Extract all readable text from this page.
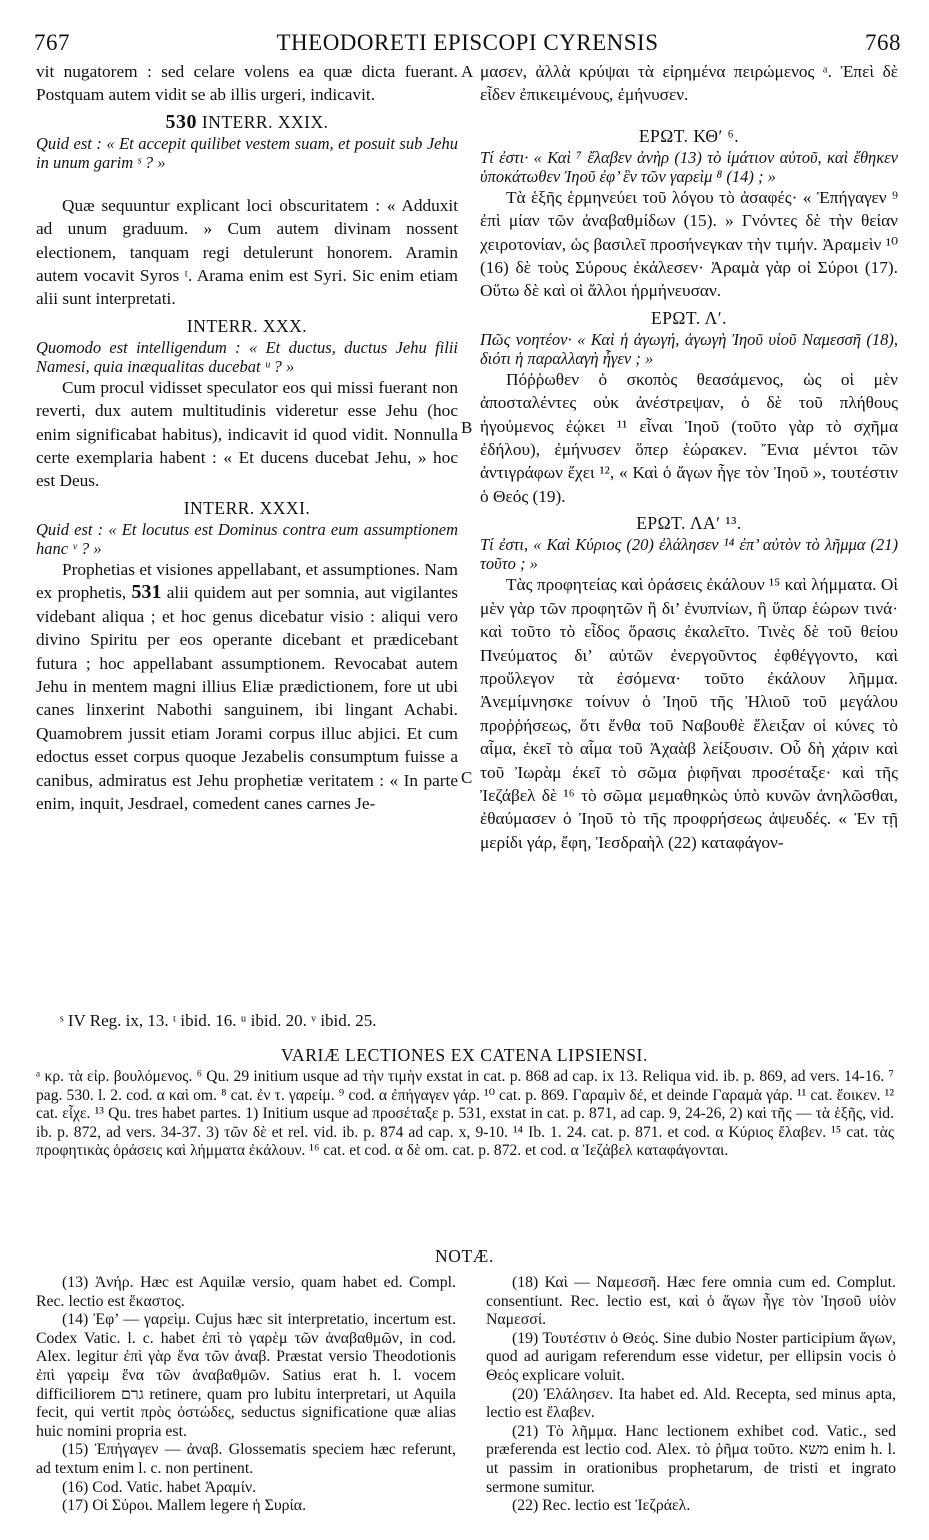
767	THEODORETI EPISCOPI CYRENSIS	768
A
B
C

vit nugatorem : sed celare volens ea quæ dicta fuerant. Postquam autem vidit se ab illis urgeri, indicavit.

530 INTERR. XXIX.

Quid est : « Et accepit quilibet vestem suam, et posuit sub Jehu in unum garim ˢ ? »

Quæ sequuntur explicant loci obscuritatem : « Adduxit ad unum graduum. » Cum autem divinam nossent electionem, tanquam regi detulerunt honorem. Aramin autem vocavit Syros ᵗ. Arama enim est Syri. Sic enim etiam alii sunt interpretati.

INTERR. XXX.

Quomodo est intelligendum : « Et ductus, ductus Jehu filii Namesi, quia inæqualitas ducebat ᵘ ? »

Cum procul vidisset speculator eos qui missi fuerant non reverti, dux autem multitudinis videretur esse Jehu (hoc enim significabat habitus), indicavit id quod vidit. Nonnulla certe exemplaria habent : « Et ducens ducebat Jehu, » hoc est Deus.

INTERR. XXXI.

Quid est : « Et locutus est Dominus contra eum assumptionem hanc ᵛ ? »

Prophetias et visiones appellabant, et assumptiones. Nam ex prophetis, 531 alii quidem aut per somnia, aut vigilantes videbant aliqua ; et hoc genus dicebatur visio : aliqui vero divino Spiritu per eos operante dicebant et prædicebant futura ; hoc appellabant assumptionem. Revocabat autem Jehu in mentem magni illius Eliæ prædictionem, fore ut ubi canes linxerint Nabothi sanguinem, ibi lingant Achabi. Quamobrem jussit etiam Jorami corpus illuc abjici. Et cum edoctus esset corpus quoque Jezabelis consumptum fuisse a canibus, admiratus est Jehu prophetiæ veritatem : « In parte enim, inquit, Jesdrael, comedent canes carnes Je-

μασεν, ἀλλὰ κρύψαι τὰ εἰρημένα πειρώμενος ᵃ. Ἐπεὶ δὲ εἶδεν ἐπικειμένους, ἐμήνυσεν.

ΕΡΩΤ. ΚΘʹ ⁶.

Τί ἐστι· « Καὶ ⁷ ἔλαβεν ἀνὴρ (13) τὸ ἱμάτιον αὐτοῦ, καὶ ἔθηκεν ὑποκάτωθεν Ἰηοῦ ἐφ’ ἓν τῶν γαρεὶμ ⁸ (14) ; »

Τὰ ἑξῆς ἑρμηνεύει τοῦ λόγου τὸ ἀσαφές· « Ἐπήγαγεν ⁹ ἐπὶ μίαν τῶν ἀναβαθμίδων (15). » Γνόντες δὲ τὴν θείαν χειροτονίαν, ὡς βασιλεῖ προσήνεγκαν τὴν τιμήν. Ἀραμεὶν ¹⁰ (16) δὲ τοὺς Σύρους ἐκάλεσεν· Ἀραμὰ γὰρ οἱ Σύροι (17). Οὕτω δὲ καὶ οἱ ἄλλοι ἡρμήνευσαν.

ΕΡΩΤ. Λʹ.

Πῶς νοητέον· « Καὶ ἡ ἀγωγή, ἀγωγὴ Ἰηοῦ υἱοῦ Ναμεσσῆ (18), διότι ἡ παραλλαγὴ ἦγεν ; »

Πόῤῥωθεν ὁ σκοπὸς θεασάμενος, ὡς οἱ μὲν ἀποσταλέντες οὐκ ἀνέστρεψαν, ὁ δὲ τοῦ πλήθους ἡγούμενος ἐῴκει ¹¹ εἶναι Ἰηοῦ (τοῦτο γὰρ τὸ σχῆμα ἐδήλου), ἐμήνυσεν ὅπερ ἑώρακεν. Ἔνια μέντοι τῶν ἀντιγράφων ἔχει ¹², « Καὶ ὁ ἄγων ἦγε τὸν Ἰηοῦ », τουτέστιν ὁ Θεός (19).

ΕΡΩΤ. ΛΑʹ ¹³.

Τί ἐστι, « Καὶ Κύριος (20) ἐλάλησεν ¹⁴ ἐπ’ αὐτὸν τὸ λῆμμα (21) τοῦτο ; »

Τὰς προφητείας καὶ ὁράσεις ἐκάλουν ¹⁵ καὶ λήμματα. Οἱ μὲν γὰρ τῶν προφητῶν ἢ δι’ ἐνυπνίων, ἢ ὕπαρ ἑώρων τινά· καὶ τοῦτο τὸ εἶδος ὅρασις ἐκαλεῖτο. Τινὲς δὲ τοῦ θείου Πνεύματος δι’ αὐτῶν ἐνεργοῦντος ἐφθέγγοντο, καὶ προὔλεγον τὰ ἐσόμενα· τοῦτο ἐκάλουν λῆμμα. Ἀνεμίμνησκε τοίνυν ὁ Ἰηοῦ τῆς Ἠλιοῦ τοῦ μεγάλου προῤῥήσεως, ὅτι ἔνθα τοῦ Ναβουθὲ ἔλειξαν οἱ κύνες τὸ αἷμα, ἐκεῖ τὸ αἷμα τοῦ Ἀχαὰβ λείξουσιν. Οὗ δὴ χάριν καὶ τοῦ Ἰωρὰμ ἐκεῖ τὸ σῶμα ῥιφῆναι προσέταξε· καὶ τῆς Ἰεζάβελ δὲ ¹⁶ τὸ σῶμα μεμαθηκὼς ὑπὸ κυνῶν ἀνηλῶσθαι, ἐθαύμασεν ὁ Ἰηοῦ τὸ τῆς προφρήσεως ἀψευδές. « Ἐν τῇ μερίδι γάρ, ἔφη, Ἰεσδραὴλ (22) καταφάγον-

ˢ IV Reg. ix, 13. ᵗ ibid. 16. ᵘ ibid. 20. ᵛ ibid. 25.
VARIÆ LECTIONES EX CATENA LIPSIENSI.

ᵃ κρ. τὰ εἰρ. βουλόμενος. ⁶ Qu. 29 initium usque ad τὴν τιμὴν exstat in cat. p. 868 ad cap. ix 13. Reliqua vid. ib. p. 869, ad vers. 14-16. ⁷ pag. 530. l. 2. cod. α καὶ om. ⁸ cat. ἐν τ. γαρείμ. ⁹ cod. α ἐπήγαγεν γάρ. ¹⁰ cat. p. 869. Γαραμὶν δέ, et deinde Γαραμὰ γάρ. ¹¹ cat. ἔοικεν. ¹² cat. εἶχε. ¹³ Qu. tres habet partes. 1) Initium usque ad προσέταξε p. 531, exstat in cat. p. 871, ad cap. 9, 24-26, 2) καὶ τῆς — τὰ ἑξῆς, vid. ib. p. 872, ad vers. 34-37. 3) τῶν δὲ et rel. vid. ib. p. 874 ad cap. x, 9-10. ¹⁴ Ib. 1. 24. cat. p. 871. et cod. α Κύριος ἔλαβεν. ¹⁵ cat. τὰς προφητικὰς ὁράσεις καὶ λήμματα ἐκάλουν. ¹⁶ cat. et cod. α δὲ om. cat. p. 872. et cod. α Ἰεζάβελ καταφάγονται.

NOTÆ.

(13) Ἀνήρ. Hæc est Aquilæ versio, quam habet ed. Compl. Rec. lectio est ἕκαστος.

(14) Ἐφ’ — γαρεὶμ. Cujus hæc sit interpretatio, incertum est. Codex Vatic. l. c. habet ἐπὶ τὸ γαρὲμ τῶν ἀναβαθμῶν, in cod. Alex. legitur ἐπὶ γὰρ ἕνα τῶν ἀναβ. Præstat versio Theodotionis ἐπὶ γαρεὶμ ἕνα τῶν ἀναβαθμῶν. Satius erat h. l. vocem difficiliorem גרם retinere, quam pro lubitu interpretari, ut Aquila fecit, qui vertit πρὸς ὀστώδες, seductus significatione quæ alias huic nomini propria est.

(15) Ἐπήγαγεν — ἀναβ. Glossematis speciem hæc referunt, ad textum enim l. c. non pertinent.

(16) Cod. Vatic. habet Ἀραμίν.

(17) Οἱ Σύροι. Mallem legere ἡ Συρία.

(18) Καὶ — Ναμεσσῆ. Hæc fere omnia cum ed. Complut. consentiunt. Rec. lectio est, καὶ ὁ ἄγων ἦγε τὸν Ἰησοῦ υἱὸν Ναμεσσί.

(19) Τουτέστιν ὁ Θεός. Sine dubio Noster participium ἄγων, quod ad aurigam referendum esse videtur, per ellipsin vocis ὁ Θεός explicare voluit.

(20) Ἐλάλησεν. Ita habet ed. Ald. Recepta, sed minus apta, lectio est ἔλαβεν.

(21) Τὸ λῆμμα. Hanc lectionem exhibet cod. Vatic., sed præferenda est lectio cod. Alex. τὸ ῥῆμα τοῦτο. משא enim h. l. ut passim in orationibus prophetarum, de tristi et ingrato sermone sumitur.

(22) Rec. lectio est Ἰεζράελ.
